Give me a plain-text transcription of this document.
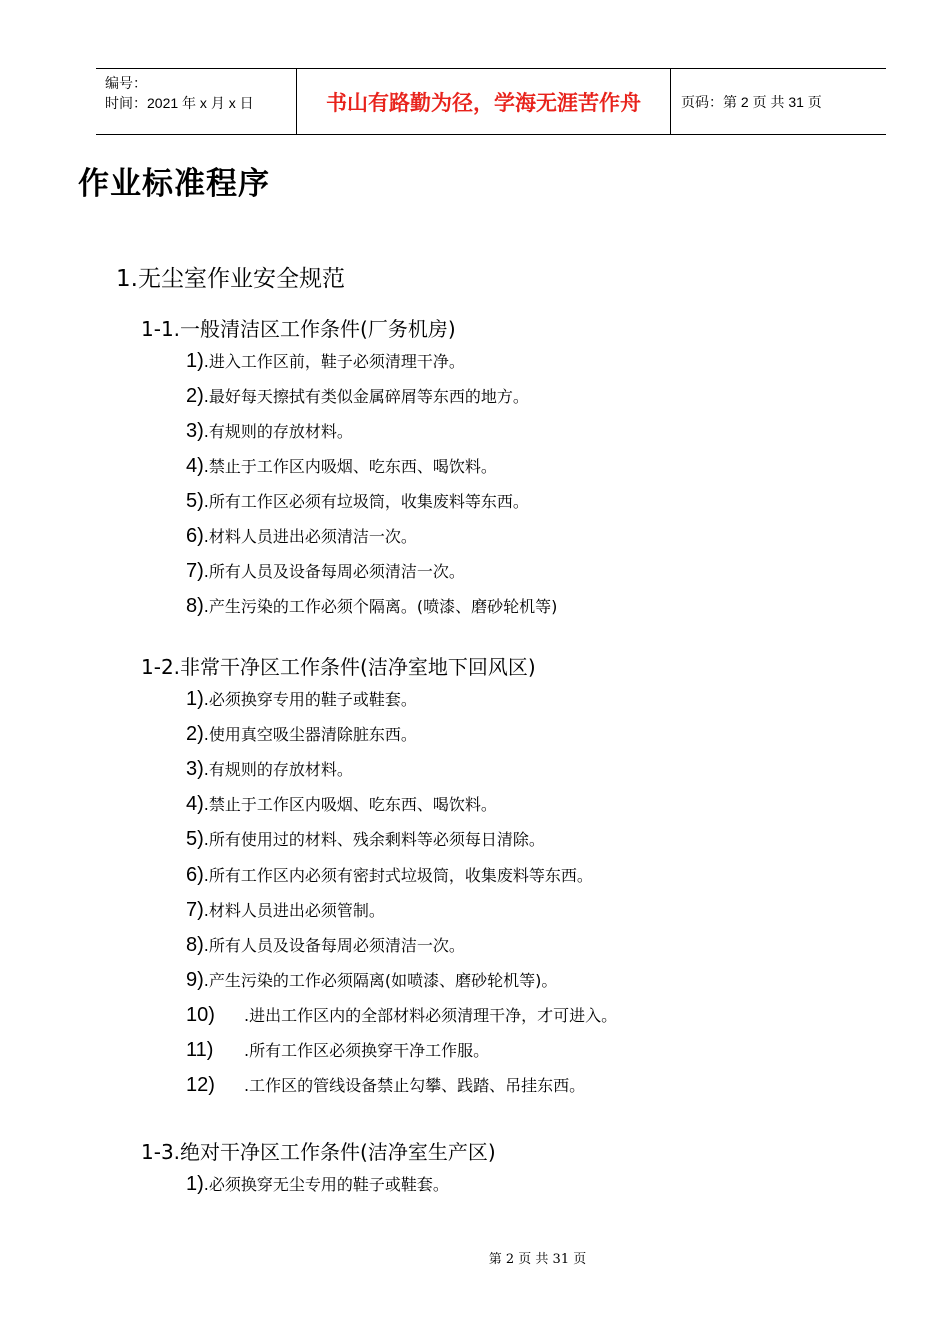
编号：
时间：2021 年 x 月 x 日	书山有路勤为径，学海无涯苦作舟	页码：第 2 页 共 31 页
作业标准程序
1.无尘室作业安全规范
1-1.一般清洁区工作条件(厂务机房)
1).进入工作区前，鞋子必须清理干净。
2).最好每天擦拭有类似金属碎屑等东西的地方。
3).有规则的存放材料。
4).禁止于工作区内吸烟、吃东西、喝饮料。
5).所有工作区必须有垃圾筒，收集废料等东西。
6).材料人员进出必须清洁一次。
7).所有人员及设备每周必须清洁一次。
8).产生污染的工作必须个隔离。(喷漆、磨砂轮机等)
1-2.非常干净区工作条件(洁净室地下回风区)
1).必须换穿专用的鞋子或鞋套。
2).使用真空吸尘器清除脏东西。
3).有规则的存放材料。
4).禁止于工作区内吸烟、吃东西、喝饮料。
5).所有使用过的材料、残余剩料等必须每日清除。
6).所有工作区内必须有密封式垃圾筒，收集废料等东西。
7).材料人员进出必须管制。
8).所有人员及设备每周必须清洁一次。
9).产生污染的工作必须隔离(如喷漆、磨砂轮机等)。
10) .进出工作区内的全部材料必须清理干净，才可进入。
11) .所有工作区必须换穿干净工作服。
12) .工作区的管线设备禁止勾攀、践踏、吊挂东西。
1-3.绝对干净区工作条件(洁净室生产区)
1).必须换穿无尘专用的鞋子或鞋套。
第 2 页 共 31 页
